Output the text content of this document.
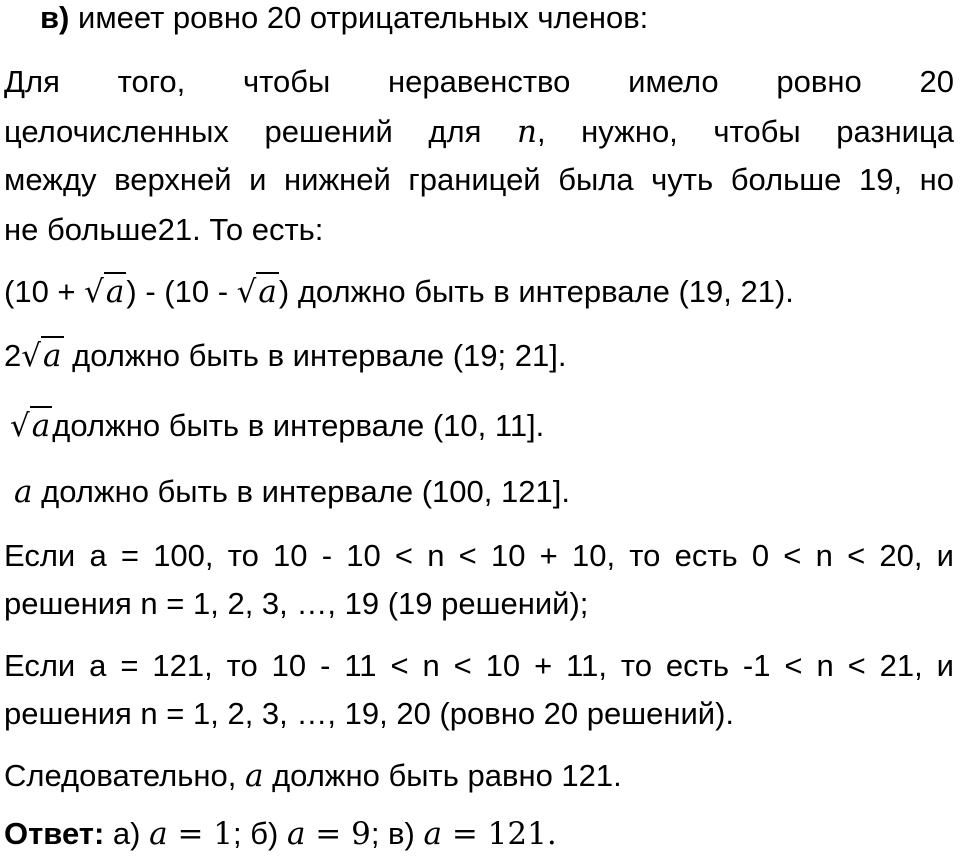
в) имеет ровно 20 отрицательных членов:

Для того, чтобы неравенство имело ровно 20

целочисленных решений для n, нужно, чтобы разница

между верхней и нижней границей была чуть больше 19, но

не больше21. То есть:

(10 + √a) - (10 - √a) должно быть в интервале (19, 21).

2√a должно быть в интервале (19; 21].

√aдолжно быть в интервале (10, 11].

a должно быть в интервале (100, 121].

Если a = 100, то 10 - 10 < n < 10 + 10, то есть 0 < n < 20, и

решения n = 1, 2, 3, …, 19 (19 решений);

Если a = 121, то 10 - 11 < n < 10 + 11, то есть -1 < n < 21, и

решения n = 1, 2, 3, …, 19, 20 (ровно 20 решений).

Следовательно, a должно быть равно 121.

Ответ: а) a = 1; б) a = 9; в) a = 121.
